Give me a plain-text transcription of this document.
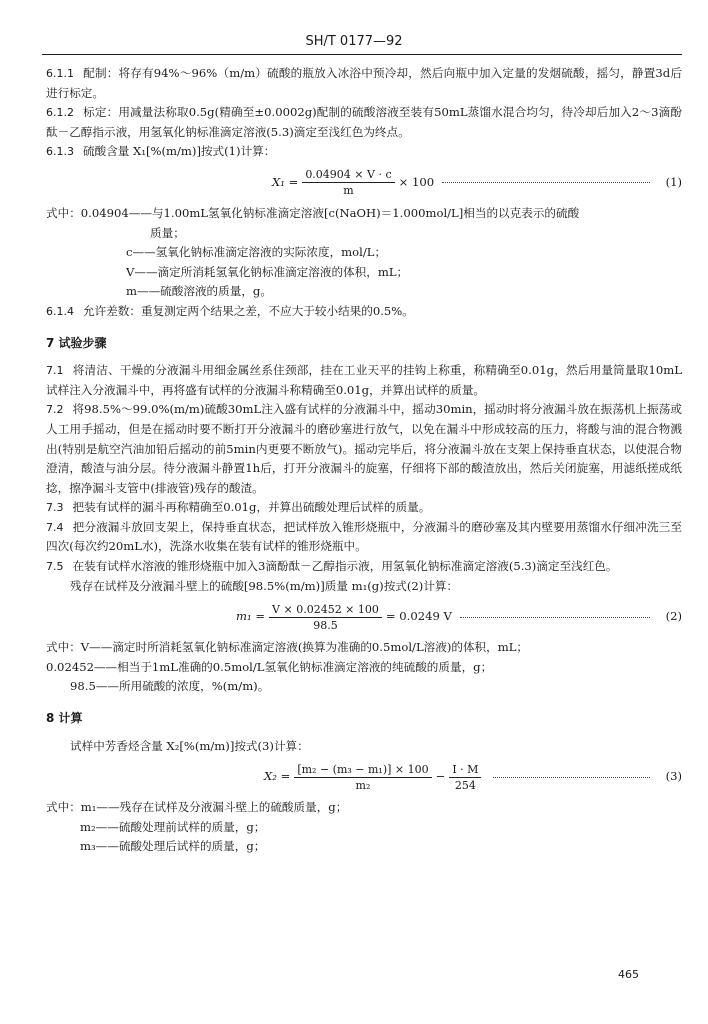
SH/T 0177—92

6.1.1 配制：将存有94%～96%（m/m）硫酸的瓶放入冰浴中预冷却，然后向瓶中加入定量的发烟硫酸，摇匀，静置3d后进行标定。

6.1.2 标定：用减量法称取0.5g(精确至±0.0002g)配制的硫酸溶液至装有50mL蒸馏水混合均匀，待冷却后加入2～3滴酚酞－乙醇指示液，用氢氧化钠标准滴定溶液(5.3)滴定至浅红色为终点。

6.1.3 硫酸含量 X₁[%(m/m)]按式(1)计算：

$X_1 = \frac{0.04904 \times V \cdot c}{m} \times 100$	(1)

式中：0.04904——与1.00mL氢氧化钠标准滴定溶液[c(NaOH)＝1.000mol/L]相当的以克表示的硫酸

质量；

c——氢氧化钠标准滴定溶液的实际浓度，mol/L；

V——滴定所消耗氢氧化钠标准滴定溶液的体积，mL；

m——硫酸溶液的质量，g。

6.1.4 允许差数：重复测定两个结果之差，不应大于较小结果的0.5%。

7 试验步骤

7.1 将清洁、干燥的分液漏斗用细金属丝系住颈部，挂在工业天平的挂钩上称重，称精确至0.01g，然后用量筒量取10mL试样注入分液漏斗中，再将盛有试样的分液漏斗称精确至0.01g，并算出试样的质量。

7.2 将98.5%～99.0%(m/m)硫酸30mL注入盛有试样的分液漏斗中，摇动30min，摇动时将分液漏斗放在振荡机上振荡或人工用手摇动，但是在摇动时要不断打开分液漏斗的磨砂塞进行放气，以免在漏斗中形成较高的压力，将酸与油的混合物溅出(特别是航空汽油加铅后摇动的前5min内更要不断放气)。摇动完毕后，将分液漏斗放在支架上保持垂直状态，以使混合物澄清，酸渣与油分层。待分液漏斗静置1h后，打开分液漏斗的旋塞，仔细将下部的酸渣放出，然后关闭旋塞，用滤纸搓成纸捻，擦净漏斗支管中(排液管)残存的酸渣。

7.3 把装有试样的漏斗再称精确至0.01g，并算出硫酸处理后试样的质量。

7.4 把分液漏斗放回支架上，保持垂直状态，把试样放入锥形烧瓶中，分液漏斗的磨砂塞及其内壁要用蒸馏水仔细冲洗三至四次(每次约20mL水)，洗涤水收集在装有试样的锥形烧瓶中。

7.5 在装有试样水溶液的锥形烧瓶中加入3滴酚酞－乙醇指示液，用氢氧化钠标准滴定溶液(5.3)滴定至浅红色。

残存在试样及分液漏斗壁上的硫酸[98.5%(m/m)]质量 m₁(g)按式(2)计算：

$m_1 = \frac{V \times 0.02452 \times 100}{98.5} = 0.0249$ V	(2)

式中：V——滴定时所消耗氢氧化钠标准滴定溶液(换算为准确的0.5mol/L溶液)的体积，mL；

0.02452——相当于1mL准确的0.5mol/L氢氧化钠标准滴定溶液的纯硫酸的质量，g；

98.5——所用硫酸的浓度，%(m/m)。

8 计算

试样中芳香烃含量 X₂[%(m/m)]按式(3)计算：

$X_2 = \frac{\text{[m₂ − (m₃ − m₁)] × 100}}{\text{m₂}} - \frac{I \cdot M}{254}$	(3)

式中：m₁——残存在试样及分液漏斗壁上的硫酸质量，g；

m₂——硫酸处理前试样的质量，g；

m₃——硫酸处理后试样的质量，g；

465
